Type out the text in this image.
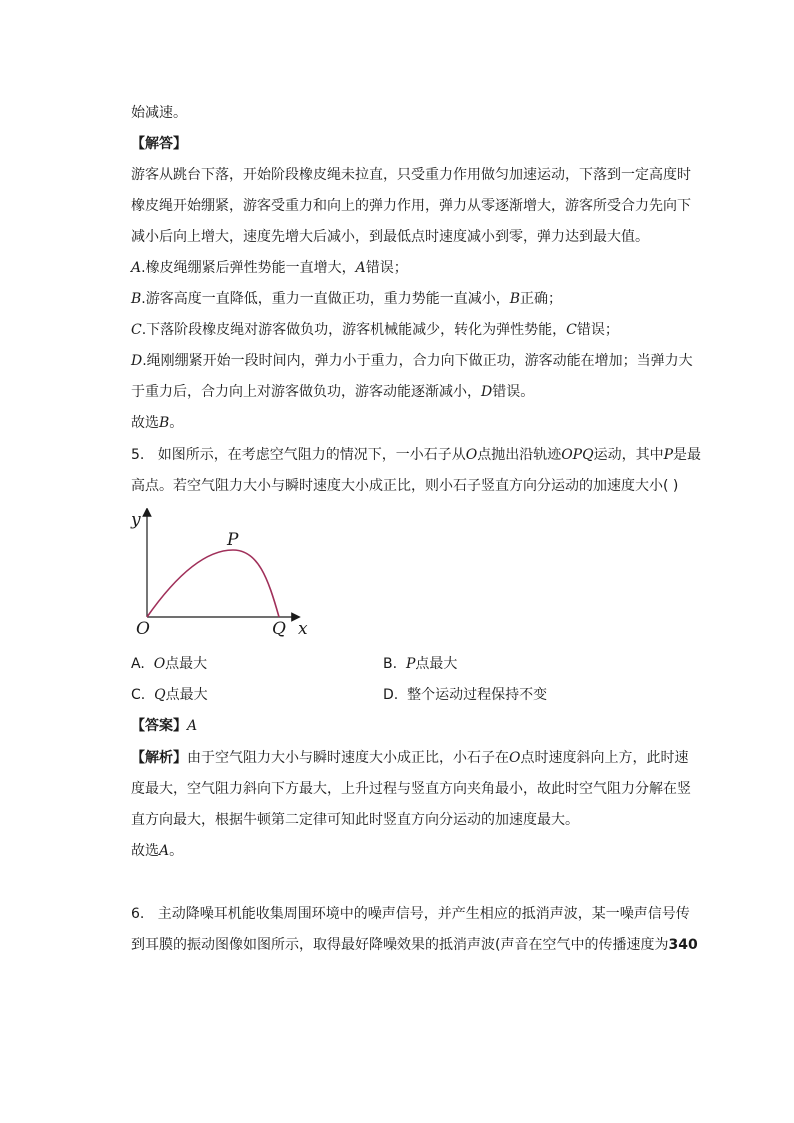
始减速。
【解答】
游客从跳台下落，开始阶段橡皮绳未拉直，只受重力作用做匀加速运动，下落到一定高度时
橡皮绳开始绷紧，游客受重力和向上的弹力作用，弹力从零逐渐增大，游客所受合力先向下
减小后向上增大，速度先增大后减小，到最低点时速度减小到零，弹力达到最大值。
A.橡皮绳绷紧后弹性势能一直增大，A错误；
B.游客高度一直降低，重力一直做正功，重力势能一直减小，B正确；
C.下落阶段橡皮绳对游客做负功，游客机械能减少，转化为弹性势能，C错误；
D.绳刚绷紧开始一段时间内，弹力小于重力，合力向下做正功，游客动能在增加；当弹力大
于重力后，合力向上对游客做负功，游客动能逐渐减小，D错误。
故选B。
5. 如图所示，在考虑空气阻力的情况下，一小石子从O点抛出沿轨迹OPQ运动，其中P是最
高点。若空气阻力大小与瞬时速度大小成正比，则小石子竖直方向分运动的加速度大小( )
y
x
O	Q
P
A. O点最大	B. P点最大
C. Q点最大	D. 整个运动过程保持不变
【答案】A
【解析】由于空气阻力大小与瞬时速度大小成正比，小石子在O点时速度斜向上方，此时速
度最大，空气阻力斜向下方最大，上升过程与竖直方向夹角最小，故此时空气阻力分解在竖
直方向最大，根据牛顿第二定律可知此时竖直方向分运动的加速度最大。
故选A。
6. 主动降噪耳机能收集周围环境中的噪声信号，并产生相应的抵消声波，某一噪声信号传
到耳膜的振动图像如图所示，取得最好降噪效果的抵消声波(声音在空气中的传播速度为340
